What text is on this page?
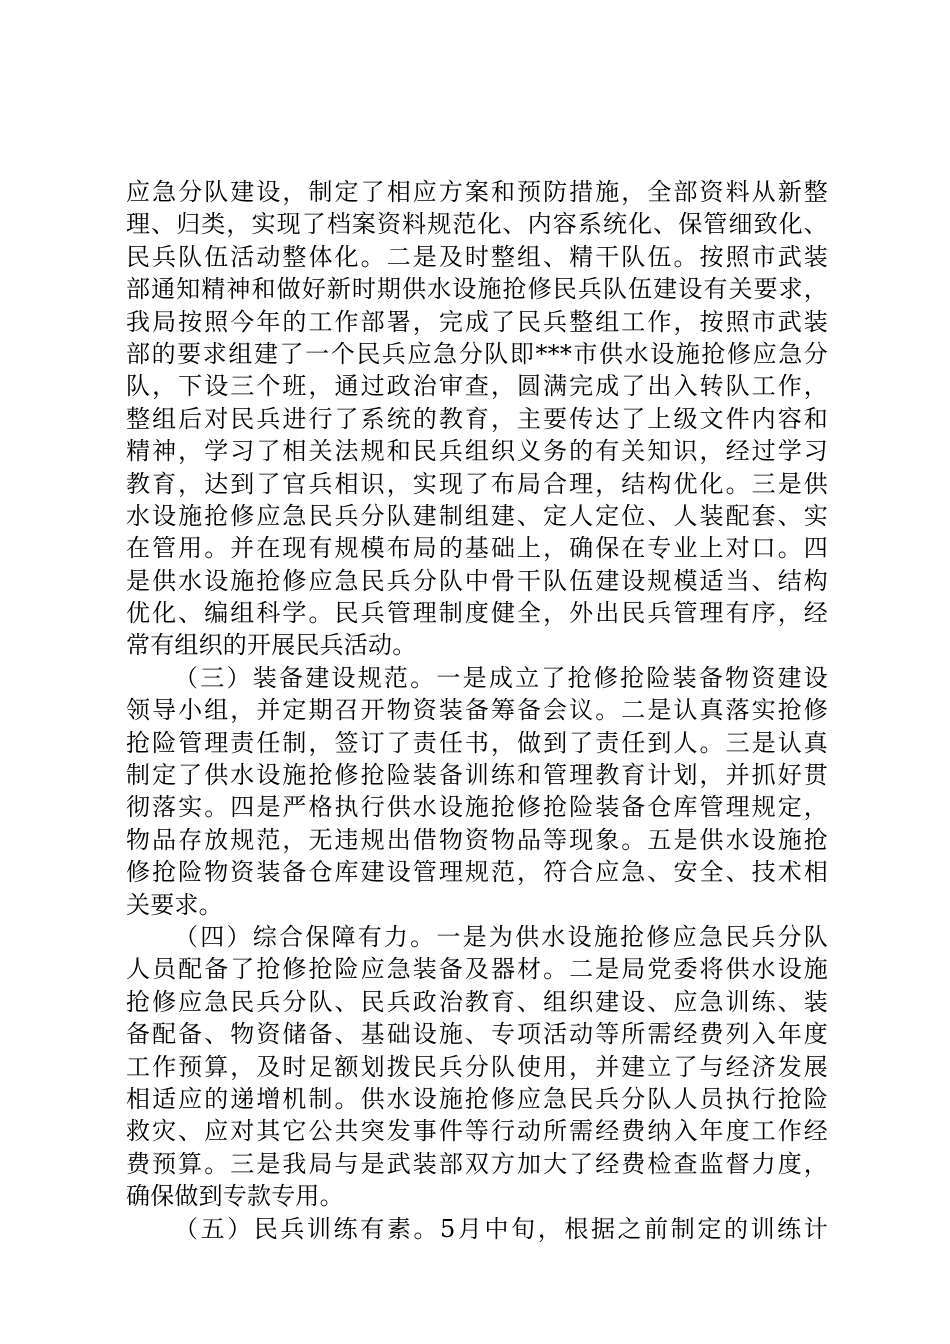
应急分队建设，制定了相应方案和预防措施，全部资料从新整
理、归类，实现了档案资料规范化、内容系统化、保管细致化、
民兵队伍活动整体化。二是及时整组、精干队伍。按照市武装
部通知精神和做好新时期供水设施抢修民兵队伍建设有关要求，
我局按照今年的工作部署，完成了民兵整组工作，按照市武装
部的要求组建了一个民兵应急分队即***市供水设施抢修应急分
队，下设三个班，通过政治审查，圆满完成了出入转队工作，
整组后对民兵进行了系统的教育，主要传达了上级文件内容和
精神，学习了相关法规和民兵组织义务的有关知识，经过学习
教育，达到了官兵相识，实现了布局合理，结构优化。三是供
水设施抢修应急民兵分队建制组建、定人定位、人装配套、实
在管用。并在现有规模布局的基础上，确保在专业上对口。四
是供水设施抢修应急民兵分队中骨干队伍建设规模适当、结构
优化、编组科学。民兵管理制度健全，外出民兵管理有序，经
常有组织的开展民兵活动。
（三）装备建设规范。一是成立了抢修抢险装备物资建设
领导小组，并定期召开物资装备筹备会议。二是认真落实抢修
抢险管理责任制，签订了责任书，做到了责任到人。三是认真
制定了供水设施抢修抢险装备训练和管理教育计划，并抓好贯
彻落实。四是严格执行供水设施抢修抢险装备仓库管理规定，
物品存放规范，无违规出借物资物品等现象。五是供水设施抢
修抢险物资装备仓库建设管理规范，符合应急、安全、技术相
关要求。
（四）综合保障有力。一是为供水设施抢修应急民兵分队
人员配备了抢修抢险应急装备及器材。二是局党委将供水设施
抢修应急民兵分队、民兵政治教育、组织建设、应急训练、装
备配备、物资储备、基础设施、专项活动等所需经费列入年度
工作预算，及时足额划拨民兵分队使用，并建立了与经济发展
相适应的递增机制。供水设施抢修应急民兵分队人员执行抢险
救灾、应对其它公共突发事件等行动所需经费纳入年度工作经
费预算。三是我局与是武装部双方加大了经费检查监督力度，
确保做到专款专用。
（五）民兵训练有素。5月中旬，根据之前制定的训练计
